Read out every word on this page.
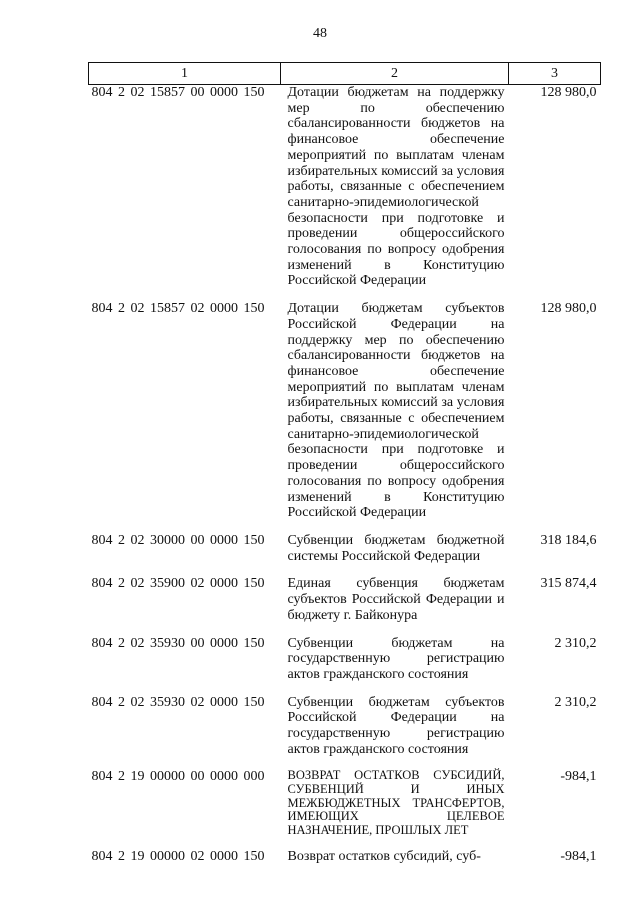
48
1	2	3
804 2 02 15857 00 0000 150	Дотации бюджетам на поддержку мер по обеспечению сбалансированности бюджетов на финансовое обеспечение мероприятий по выплатам членам избирательных комиссий за условия работы, связанные с обеспечением санитарно-эпидемиологической безопасности при подготовке и проведении общероссийского голосования по вопросу одобрения изменений в Конституцию Российской Федерации	128 980,0
804 2 02 15857 02 0000 150	Дотации бюджетам субъектов Российской Федерации на поддержку мер по обеспечению сбалансированности бюджетов на финансовое обеспечение мероприятий по выплатам членам избирательных комиссий за условия работы, связанные с обеспечением санитарно-эпидемиологической безопасности при подготовке и проведении общероссийского голосования по вопросу одобрения изменений в Конституцию Российской Федерации	128 980,0
804 2 02 30000 00 0000 150	Субвенции бюджетам бюджетной системы Российской Федерации	318 184,6
804 2 02 35900 02 0000 150	Единая субвенция бюджетам субъектов Российской Федерации и бюджету г. Байконура	315 874,4
804 2 02 35930 00 0000 150	Субвенции бюджетам на государственную регистрацию актов гражданского состояния	2 310,2
804 2 02 35930 02 0000 150	Субвенции бюджетам субъектов Российской Федерации на государственную регистрацию актов гражданского состояния	2 310,2
804 2 19 00000 00 0000 000	ВОЗВРАТ ОСТАТКОВ СУБСИДИЙ, СУБВЕНЦИЙ И ИНЫХ МЕЖБЮДЖЕТНЫХ ТРАНСФЕРТОВ, ИМЕЮЩИХ ЦЕЛЕВОЕ НАЗНАЧЕНИЕ, ПРОШЛЫХ ЛЕТ	-984,1
804 2 19 00000 02 0000 150	Возврат остатков субсидий, суб-	-984,1
